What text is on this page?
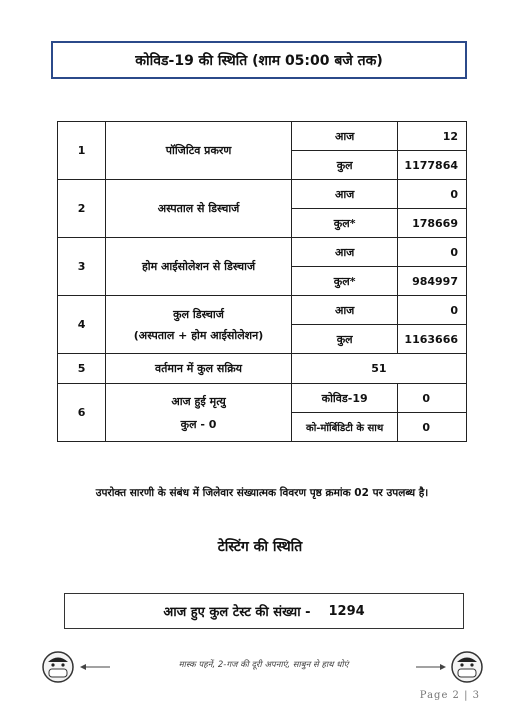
कोविड-19 की स्थिति (शाम 05:00 बजे तक)
1	पॉजिटिव प्रकरण	आज	12
		कुल	1177864
2	अस्पताल से डिस्चार्ज	आज	0
		कुल*	178669
3	होम आईसोलेशन से डिस्चार्ज	आज	0
		कुल*	984997
4	कुल डिस्चार्ज
(अस्पताल + होम आईसोलेशन)	आज	0
		कुल	1163666
5	वर्तमान में कुल सक्रिय	51	
6	आज हुई मृत्यु
कुल - 0	कोविड-19	0
		को-मॉर्बिडिटी के साथ	0
उपरोक्त सारणी के संबंध में जिलेवार संख्यात्मक विवरण पृष्ठ क्रमांक 02 पर उपलब्ध है।
टेस्टिंग की स्थिति
आज हुए कुल टेस्ट की संख्या - 1294
मास्क पहनें, 2-गज की दूरी अपनाएं, साबुन से हाथ धोएं
Page 2 | 3
